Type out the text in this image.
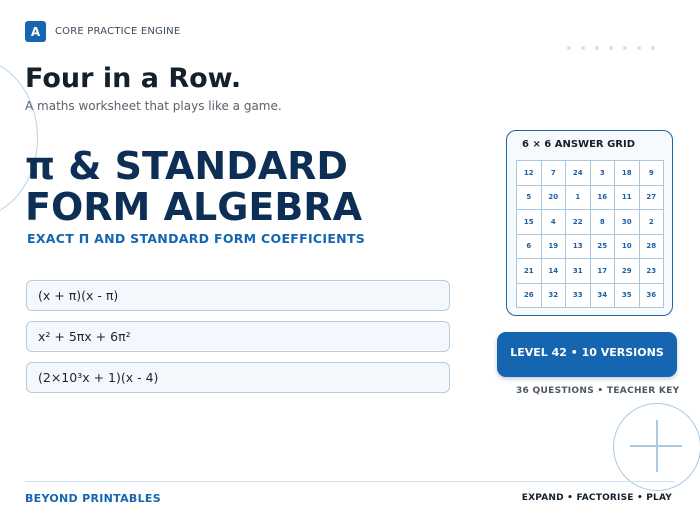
A	CORE PRACTICE ENGINE
Four in a Row.

A maths worksheet that plays like a game.

π & STANDARD
FORM ALGEBRA
EXACT Π AND STANDARD FORM COEFFICIENTS
(x + π)(x - π)
x² + 5πx + 6π²
(2×10³x + 1)(x - 4)
6 × 6 ANSWER GRID
12	7	24	3	18	9
5	20	1	16	11	27
15	4	22	8	30	2
6	19	13	25	10	28
21	14	31	17	29	23
26	32	33	34	35	36
LEVEL 42 • 10 VERSIONS
36 QUESTIONS • TEACHER KEY
BEYOND PRINTABLES	EXPAND • FACTORISE • PLAY
